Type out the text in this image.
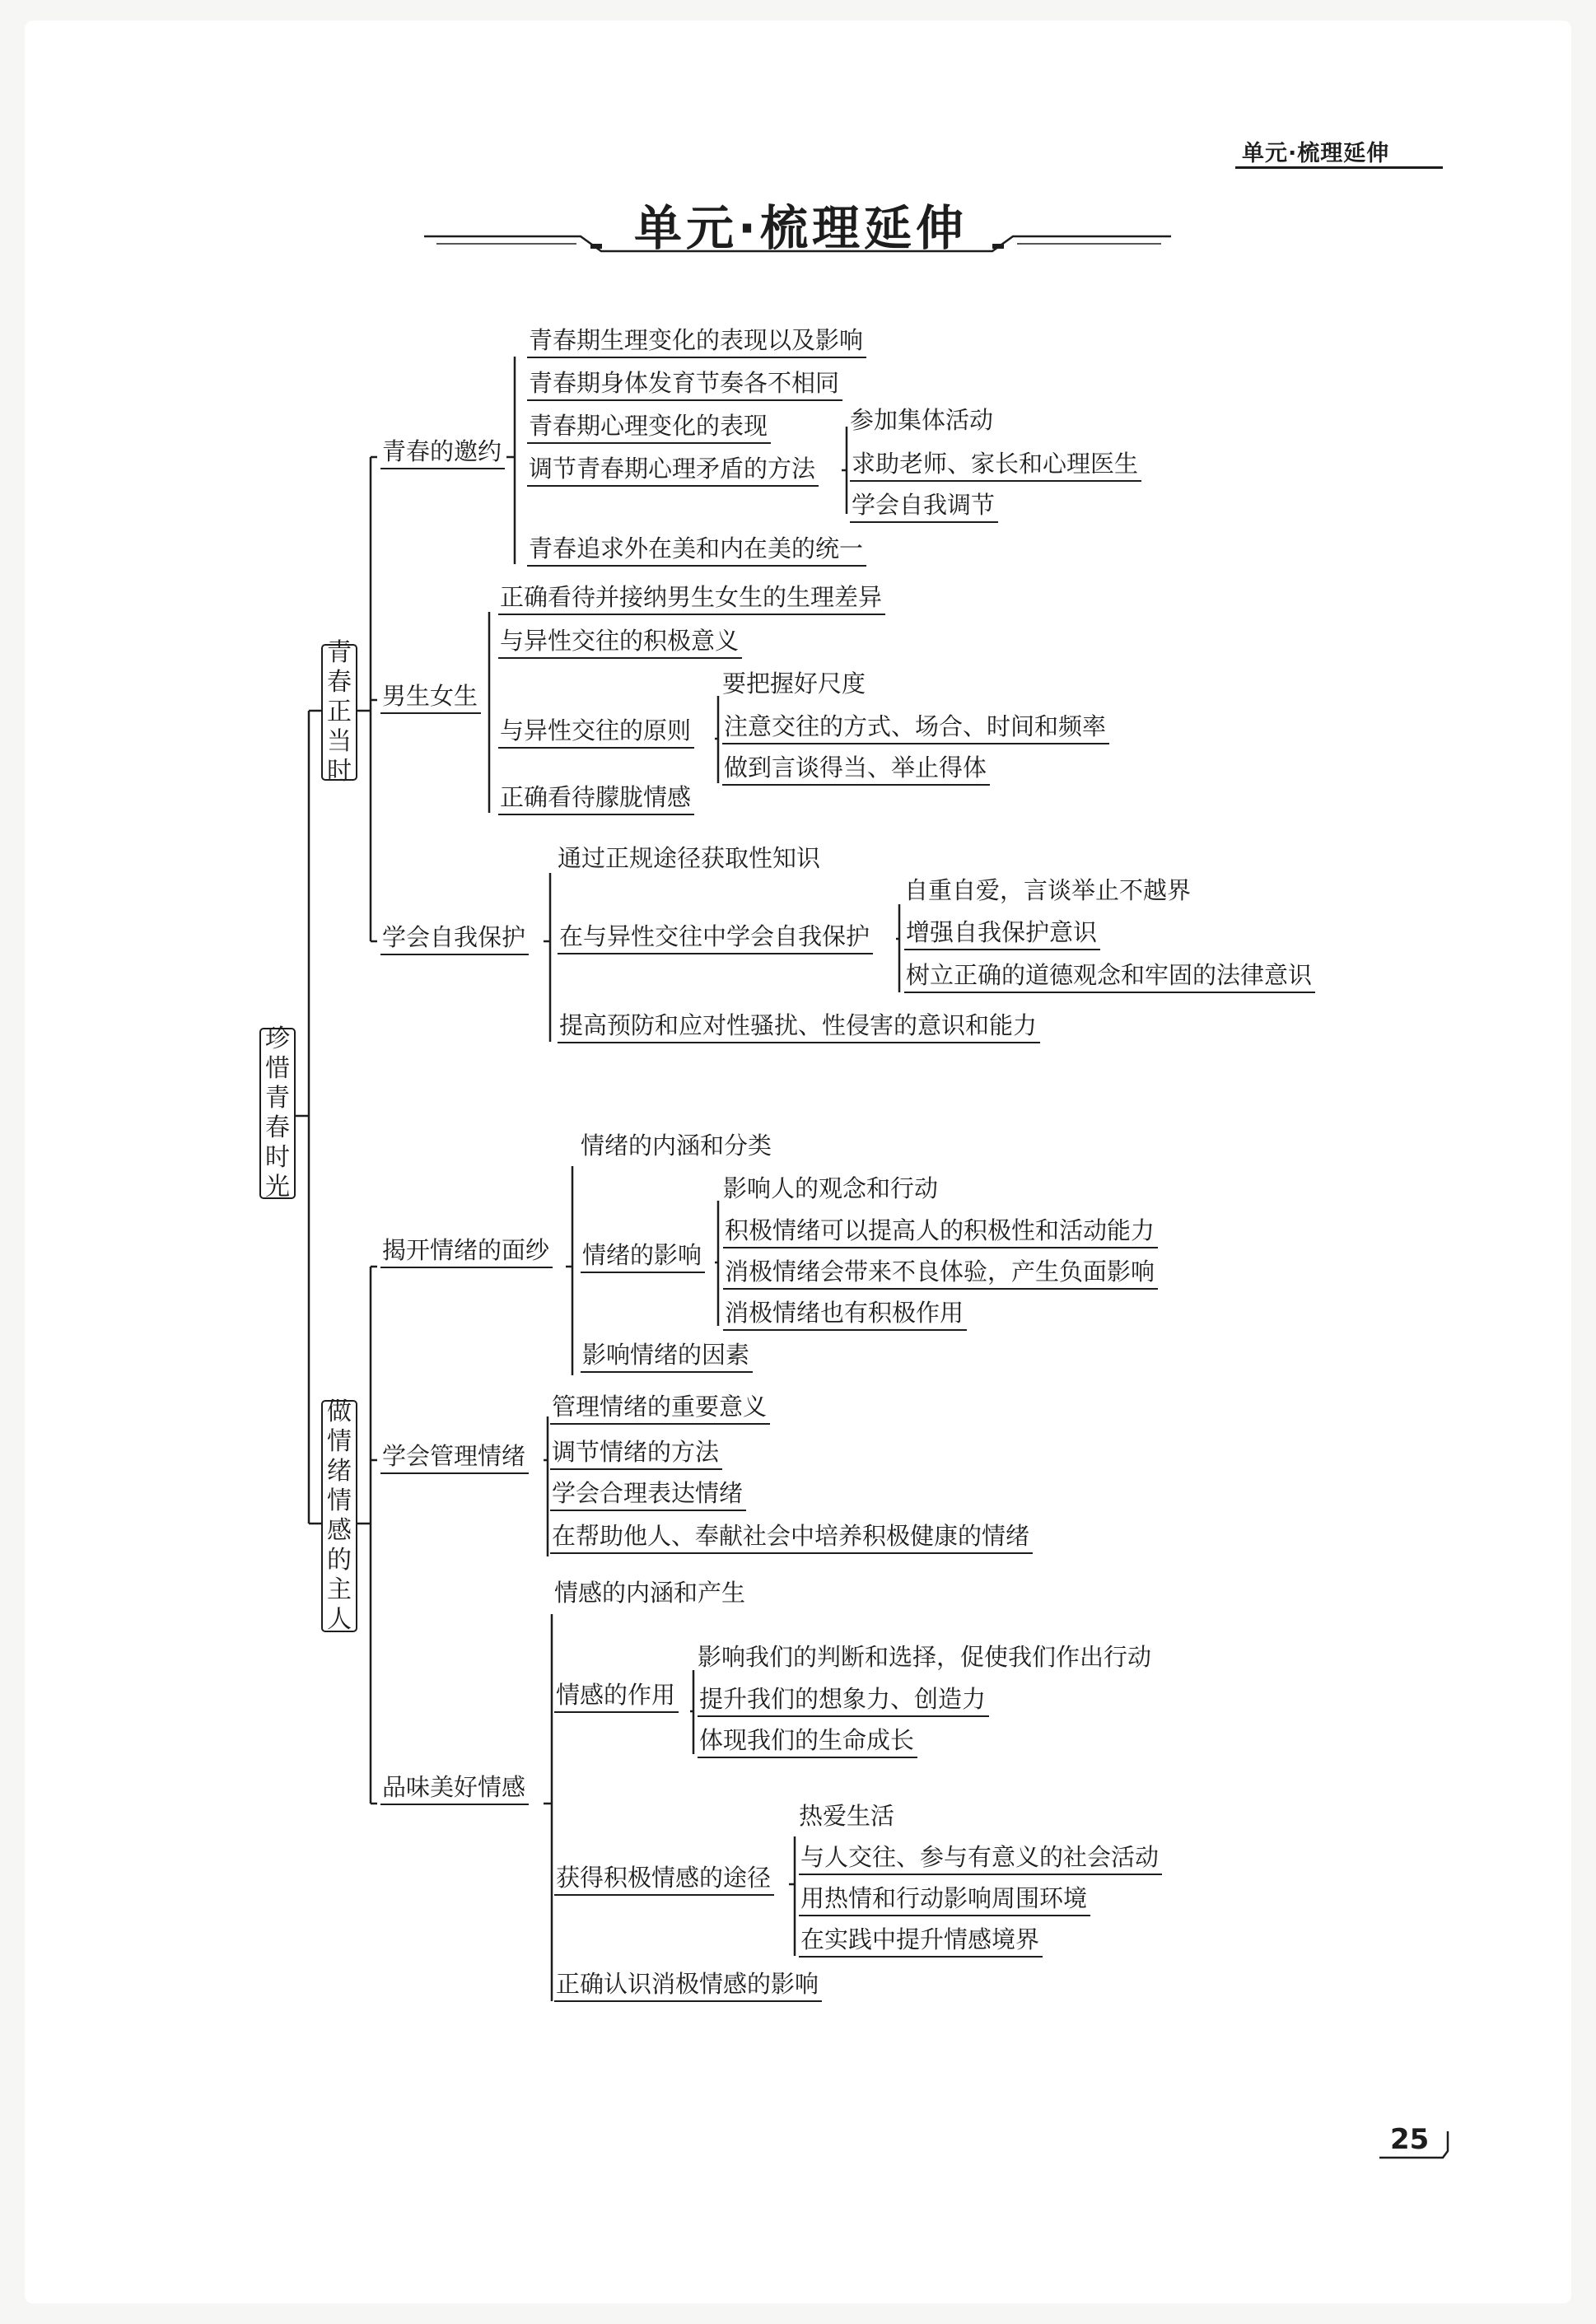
单元·梳理延伸
单元·梳理延伸
25
珍
惜
青
春
时
光
青
春
正
当
时
青春的邀约
青春期生理变化的表现以及影响
青春期身体发育节奏各不相同
青春期心理变化的表现
调节青春期心理矛盾的方法
青春追求外在美和内在美的统一
参加集体活动
求助老师、家长和心理医生
学会自我调节
男生女生
正确看待并接纳男生女生的生理差异
与异性交往的积极意义
与异性交往的原则
正确看待朦胧情感
要把握好尺度
注意交往的方式、场合、时间和频率
做到言谈得当、举止得体
学会自我保护
通过正规途径获取性知识
在与异性交往中学会自我保护
提高预防和应对性骚扰、性侵害的意识和能力
自重自爱，言谈举止不越界
增强自我保护意识
树立正确的道德观念和牢固的法律意识
做
情
绪
情
感
的
主
人
揭开情绪的面纱
情绪的内涵和分类
情绪的影响
影响情绪的因素
影响人的观念和行动
积极情绪可以提高人的积极性和活动能力
消极情绪会带来不良体验，产生负面影响
消极情绪也有积极作用
学会管理情绪
管理情绪的重要意义
调节情绪的方法
学会合理表达情绪
在帮助他人、奉献社会中培养积极健康的情绪
品味美好情感
情感的内涵和产生
情感的作用
获得积极情感的途径
正确认识消极情感的影响
影响我们的判断和选择，促使我们作出行动
提升我们的想象力、创造力
体现我们的生命成长
热爱生活
与人交往、参与有意义的社会活动
用热情和行动影响周围环境
在实践中提升情感境界
